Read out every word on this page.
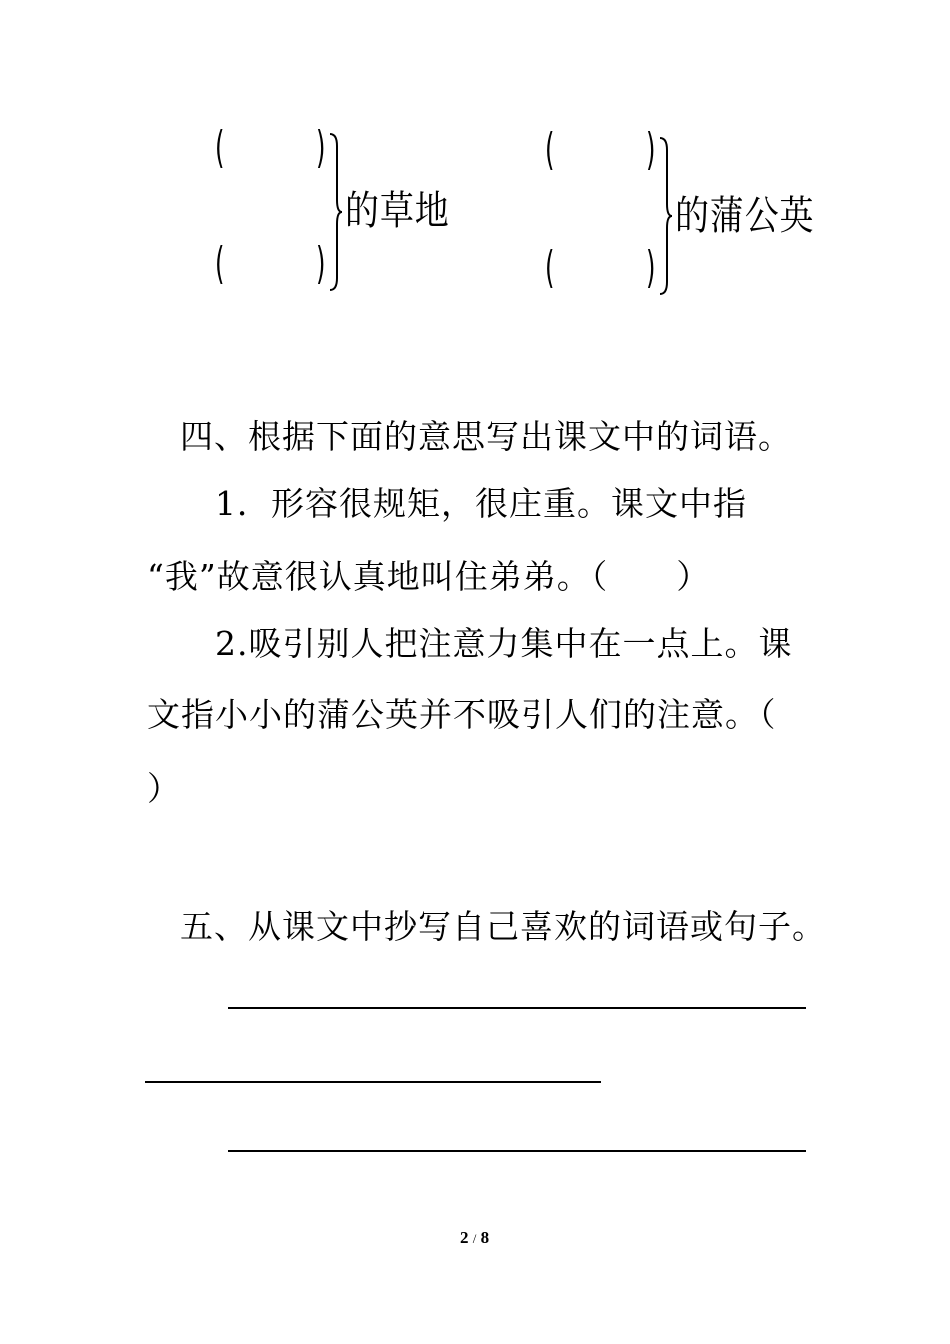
( )
( )
的草地
( )
( )
的蒲公英
四、根据下面的意思写出课文中的词语。
1．形容很规矩，很庄重。课文中指
“我”故意很认真地叫住弟弟。（　　）
2.吸引别人把注意力集中在一点上。课
文指小小的蒲公英并不吸引人们的注意。（
）
五、从课文中抄写自己喜欢的词语或句子。
2 / 8
